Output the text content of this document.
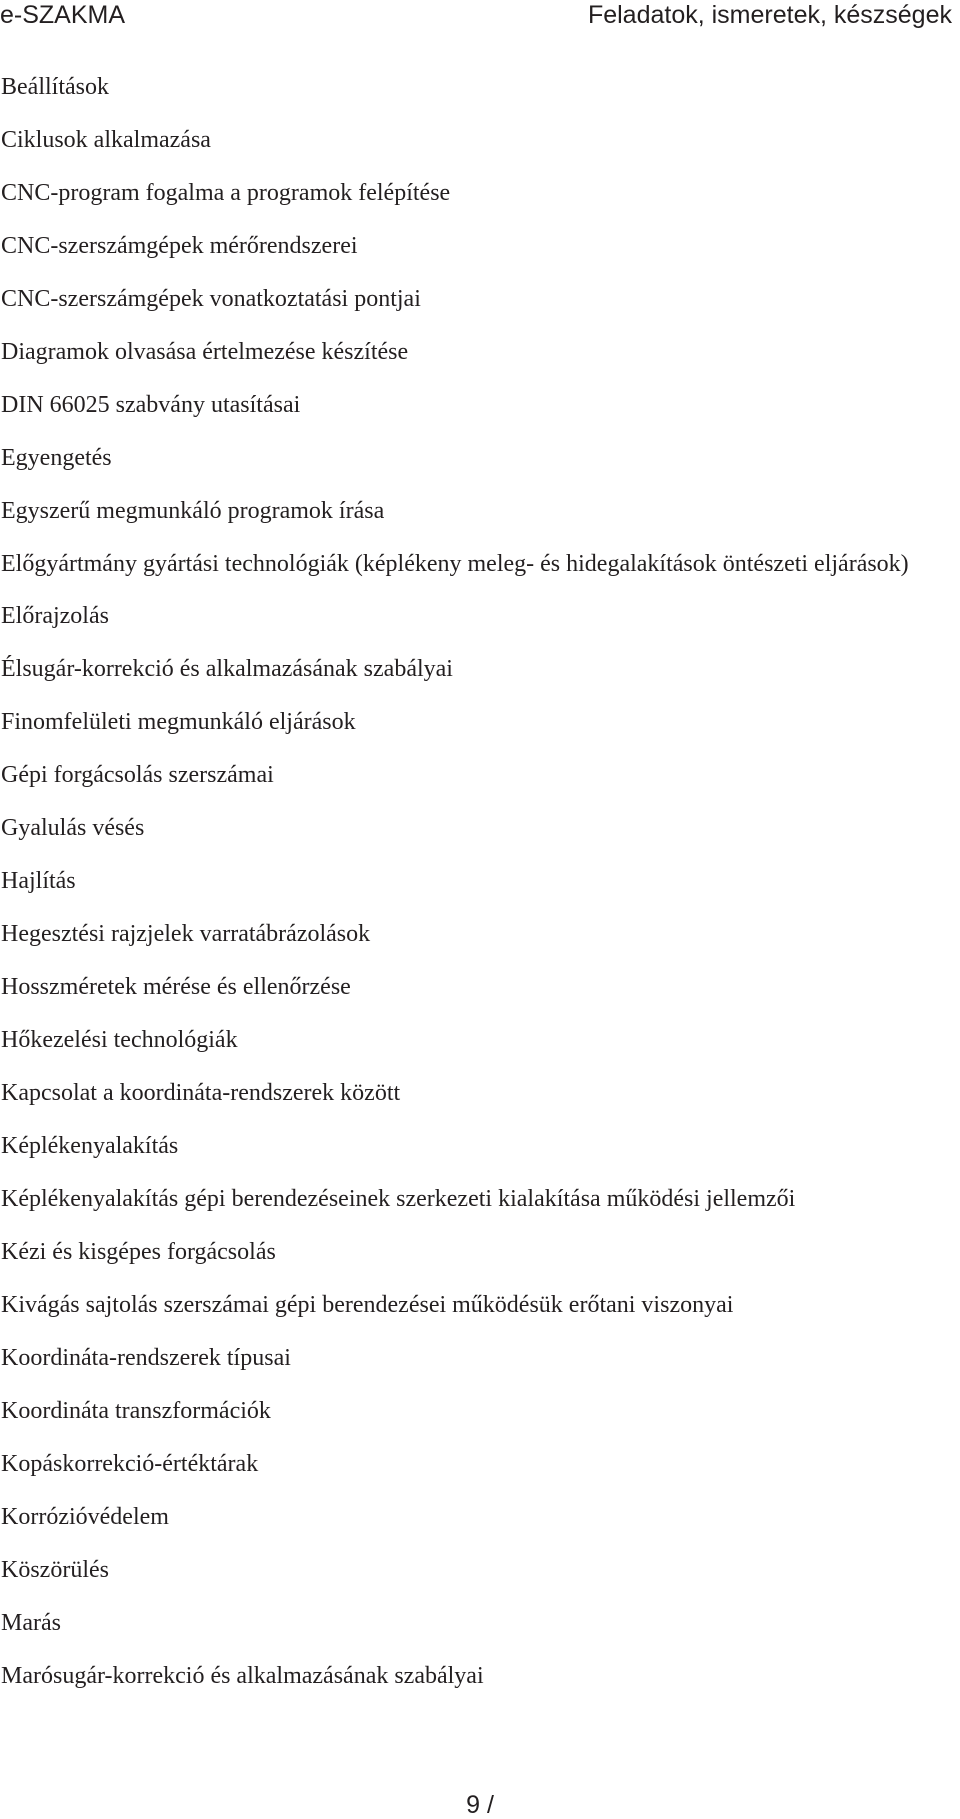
e-SZAKMA	Feladatok, ismeretek, készségek
Beállítások
Ciklusok alkalmazása
CNC-program fogalma a programok felépítése
CNC-szerszámgépek mérőrendszerei
CNC-szerszámgépek vonatkoztatási pontjai
Diagramok olvasása értelmezése készítése
DIN 66025 szabvány utasításai
Egyengetés
Egyszerű megmunkáló programok írása
Előgyártmány gyártási technológiák (képlékeny meleg- és hidegalakítások öntészeti eljárások)
Előrajzolás
Élsugár-korrekció és alkalmazásának szabályai
Finomfelületi megmunkáló eljárások
Gépi forgácsolás szerszámai
Gyalulás vésés
Hajlítás
Hegesztési rajzjelek varratábrázolások
Hosszméretek mérése és ellenőrzése
Hőkezelési technológiák
Kapcsolat a koordináta-rendszerek között
Képlékenyalakítás
Képlékenyalakítás gépi berendezéseinek szerkezeti kialakítása működési jellemzői
Kézi és kisgépes forgácsolás
Kivágás sajtolás szerszámai gépi berendezései működésük erőtani viszonyai
Koordináta-rendszerek típusai
Koordináta transzformációk
Kopáskorrekció-értéktárak
Korrózióvédelem
Köszörülés
Marás
Marósugár-korrekció és alkalmazásának szabályai
9 /
